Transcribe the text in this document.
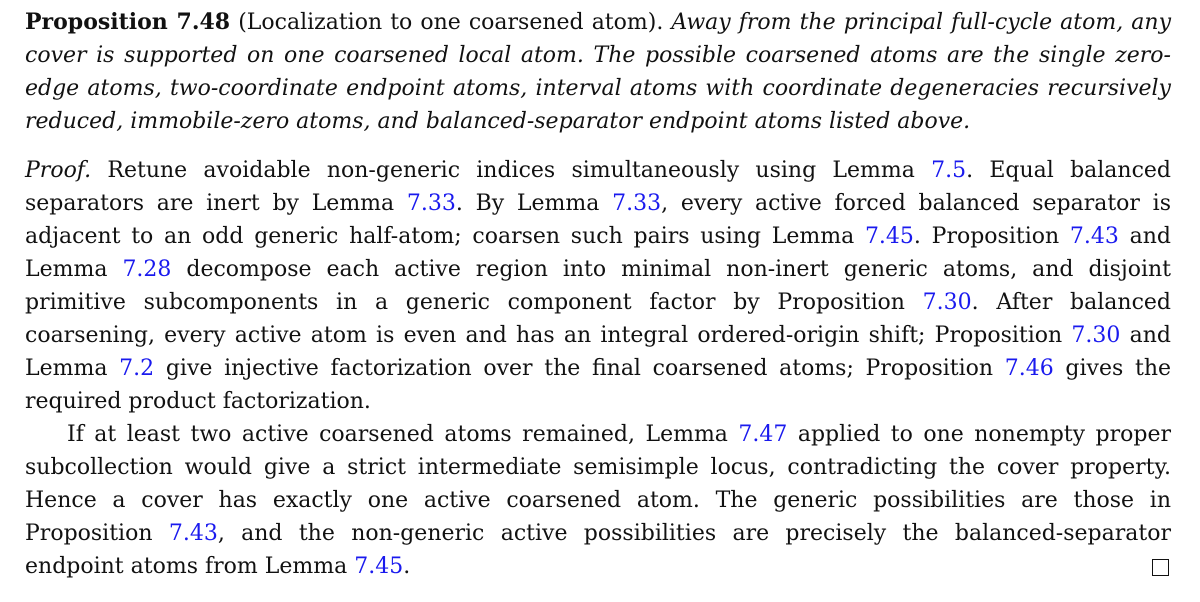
Proposition 7.48 (Localization to one coarsened atom). Away from the principal full-cycle atom, any cover is supported on one coarsened local atom. The possible coarsened atoms are the single zero-edge atoms, two-coordinate endpoint atoms, interval atoms with coordinate degeneracies recursively reduced, immobile-zero atoms, and balanced-separator endpoint atoms listed above.
Proof. Retune avoidable non-generic indices simultaneously using Lemma 7.5. Equal balanced separators are inert by Lemma 7.33. By Lemma 7.33, every active forced balanced separator is adjacent to an odd generic half-atom; coarsen such pairs using Lemma 7.45. Proposition 7.43 and Lemma 7.28 decompose each active region into minimal non-inert generic atoms, and disjoint primitive subcomponents in a generic component factor by Proposition 7.30. After balanced coarsening, every active atom is even and has an integral ordered-origin shift; Proposition 7.30 and Lemma 7.2 give injective factorization over the final coarsened atoms; Proposition 7.46 gives the required product factorization.
If at least two active coarsened atoms remained, Lemma 7.47 applied to one nonempty proper subcollection would give a strict intermediate semisimple locus, contradicting the cover property. Hence a cover has exactly one active coarsened atom. The generic possibilities are those in Proposition 7.43, and the non-generic active possibilities are precisely the balanced-separator endpoint atoms from Lemma 7.45.
